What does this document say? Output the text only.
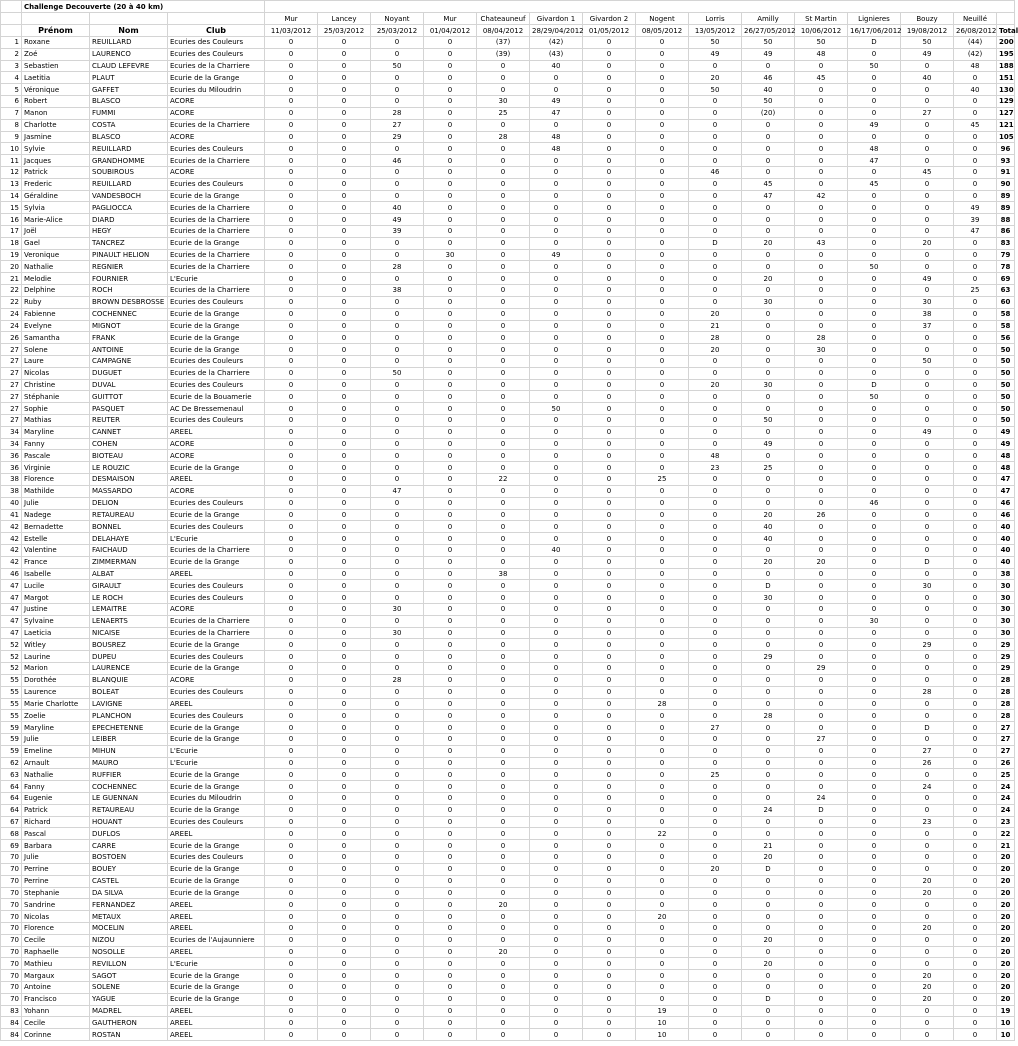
	Challenge Decouverte (20 à 40 km)																	
				Mur	Lancey	Noyant	Mur	Chateauneuf	Givardon 1	Givardon 2	Nogent	Lorris	Amilly	St Martin	Lignieres	Bouzy	Neuillé	
	Prénom	Nom	Club	11/03/2012	25/03/2012	25/03/2012	01/04/2012	08/04/2012	28/29/04/2012	01/05/2012	08/05/2012	13/05/2012	26/27/05/2012	10/06/2012	16/17/06/2012	19/08/2012	26/08/2012	Total
1	Roxane	REUILLARD	Ecuries des Couleurs	0	0	0	0	(37)	(42)	0	0	50	50	50	D	50	(44)	200
2	Zoé	LAURENCO	Ecuries des Couleurs	0	0	0	0	(39)	(43)	0	0	49	49	48	0	49	(42)	195
3	Sebastien	CLAUD LEFEVRE	Ecuries de la Charriere	0	0	50	0	0	40	0	0	0	0	0	50	0	48	188
4	Laetitia	PLAUT	Ecurie de la Grange	0	0	0	0	0	0	0	0	20	46	45	0	40	0	151
5	Véronique	GAFFET	Ecuries du Miloudrin	0	0	0	0	0	0	0	0	50	40	0	0	0	40	130
6	Robert	BLASCO	ACORE	0	0	0	0	30	49	0	0	0	50	0	0	0	0	129
7	Manon	FUMMI	ACORE	0	0	28	0	25	47	0	0	0	(20)	0	0	27	0	127
8	Charlotte	COSTA	Ecuries de la Charriere	0	0	27	0	0	0	0	0	0	0	0	49	0	45	121
9	Jasmine	BLASCO	ACORE	0	0	29	0	28	48	0	0	0	0	0	0	0	0	105
10	Sylvie	REUILLARD	Ecuries des Couleurs	0	0	0	0	0	48	0	0	0	0	0	48	0	0	96
11	Jacques	GRANDHOMME	Ecuries de la Charriere	0	0	46	0	0	0	0	0	0	0	0	47	0	0	93
12	Patrick	SOUBIROUS	ACORE	0	0	0	0	0	0	0	0	46	0	0	0	45	0	91
13	Frederic	REUILLARD	Ecuries des Couleurs	0	0	0	0	0	0	0	0	0	45	0	45	0	0	90
14	Géraldine	VANDESBOCH	Ecurie de la Grange	0	0	0	0	0	0	0	0	0	47	42	0	0	0	89
15	Sylvia	PAGLIOCCA	Ecuries de la Charriere	0	0	40	0	0	0	0	0	0	0	0	0	0	49	89
16	Marie-Alice	DIARD	Ecuries de la Charriere	0	0	49	0	0	0	0	0	0	0	0	0	0	39	88
17	Joël	HEGY	Ecuries de la Charriere	0	0	39	0	0	0	0	0	0	0	0	0	0	47	86
18	Gael	TANCREZ	Ecurie de la Grange	0	0	0	0	0	0	0	0	D	20	43	0	20	0	83
19	Veronique	PINAULT HELION	Ecuries de la Charriere	0	0	0	30	0	49	0	0	0	0	0	0	0	0	79
20	Nathalie	REGNIER	Ecuries de la Charriere	0	0	28	0	0	0	0	0	0	0	0	50	0	0	78
21	Melodie	FOURNIER	L'Ecurie	0	0	0	0	0	0	0	0	0	20	0	0	49	0	69
22	Delphine	ROCH	Ecuries de la Charriere	0	0	38	0	0	0	0	0	0	0	0	0	0	25	63
22	Ruby	BROWN DESBROSSE	Ecuries des Couleurs	0	0	0	0	0	0	0	0	0	30	0	0	30	0	60
24	Fabienne	COCHENNEC	Ecurie de la Grange	0	0	0	0	0	0	0	0	20	0	0	0	38	0	58
24	Evelyne	MIGNOT	Ecurie de la Grange	0	0	0	0	0	0	0	0	21	0	0	0	37	0	58
26	Samantha	FRANK	Ecurie de la Grange	0	0	0	0	0	0	0	0	28	0	28	0	0	0	56
27	Solene	ANTOINE	Ecurie de la Grange	0	0	0	0	0	0	0	0	20	0	30	0	0	0	50
27	Laure	CAMPAGNE	Ecuries des Couleurs	0	0	0	0	0	0	0	0	0	0	0	0	50	0	50
27	Nicolas	DUGUET	Ecuries de la Charriere	0	0	50	0	0	0	0	0	0	0	0	0	0	0	50
27	Christine	DUVAL	Ecuries des Couleurs	0	0	0	0	0	0	0	0	20	30	0	D	0	0	50
27	Stéphanie	GUITTOT	Ecurie de la Bouamerie	0	0	0	0	0	0	0	0	0	0	0	50	0	0	50
27	Sophie	PASQUET	AC De Bressemenaul	0	0	0	0	0	50	0	0	0	0	0	0	0	0	50
27	Mathias	REUTER	Ecuries des Couleurs	0	0	0	0	0	0	0	0	0	50	0	0	0	0	50
34	Maryline	CANNET	AREEL	0	0	0	0	0	0	0	0	0	0	0	0	49	0	49
34	Fanny	COHEN	ACORE	0	0	0	0	0	0	0	0	0	49	0	0	0	0	49
36	Pascale	BIOTEAU	ACORE	0	0	0	0	0	0	0	0	48	0	0	0	0	0	48
36	Virginie	LE ROUZIC	Ecurie de la Grange	0	0	0	0	0	0	0	0	23	25	0	0	0	0	48
38	Florence	DESMAISON	AREEL	0	0	0	0	22	0	0	25	0	0	0	0	0	0	47
38	Mathilde	MASSARDO	ACORE	0	0	47	0	0	0	0	0	0	0	0	0	0	0	47
40	Julie	DELION	Ecuries des Couleurs	0	0	0	0	0	0	0	0	0	0	0	46	0	0	46
41	Nadege	RETAUREAU	Ecurie de la Grange	0	0	0	0	0	0	0	0	0	20	26	0	0	0	46
42	Bernadette	BONNEL	Ecuries des Couleurs	0	0	0	0	0	0	0	0	0	40	0	0	0	0	40
42	Estelle	DELAHAYE	L'Ecurie	0	0	0	0	0	0	0	0	0	40	0	0	0	0	40
42	Valentine	FAICHAUD	Ecuries de la Charriere	0	0	0	0	0	40	0	0	0	0	0	0	0	0	40
42	France	ZIMMERMAN	Ecurie de la Grange	0	0	0	0	0	0	0	0	0	20	20	0	D	0	40
46	Isabelle	ALBAT	AREEL	0	0	0	0	38	0	0	0	0	0	0	0	0	0	38
47	Lucile	GIRAULT	Ecuries des Couleurs	0	0	0	0	0	0	0	0	0	D	0	0	30	0	30
47	Margot	LE ROCH	Ecuries des Couleurs	0	0	0	0	0	0	0	0	0	30	0	0	0	0	30
47	Justine	LEMAITRE	ACORE	0	0	30	0	0	0	0	0	0	0	0	0	0	0	30
47	Sylvaine	LENAERTS	Ecuries de la Charriere	0	0	0	0	0	0	0	0	0	0	0	30	0	0	30
47	Laeticia	NICAISE	Ecuries de la Charriere	0	0	30	0	0	0	0	0	0	0	0	0	0	0	30
52	Witley	BOUSREZ	Ecurie de la Grange	0	0	0	0	0	0	0	0	0	0	0	0	29	0	29
52	Laurine	DUPEU	Ecuries des Couleurs	0	0	0	0	0	0	0	0	0	29	0	0	0	0	29
52	Marion	LAURENCE	Ecurie de la Grange	0	0	0	0	0	0	0	0	0	0	29	0	0	0	29
55	Dorothée	BLANQUIE	ACORE	0	0	28	0	0	0	0	0	0	0	0	0	0	0	28
55	Laurence	BOLEAT	Ecuries des Couleurs	0	0	0	0	0	0	0	0	0	0	0	0	28	0	28
55	Marie Charlotte	LAVIGNE	AREEL	0	0	0	0	0	0	0	28	0	0	0	0	0	0	28
55	Zoelie	PLANCHON	Ecuries des Couleurs	0	0	0	0	0	0	0	0	0	28	0	0	0	0	28
59	Maryline	EPECHETENNE	Ecurie de la Grange	0	0	0	0	0	0	0	0	27	0	0	0	D	0	27
59	Julie	LEIBER	Ecurie de la Grange	0	0	0	0	0	0	0	0	0	0	27	0	0	0	27
59	Emeline	MIHUN	L'Ecurie	0	0	0	0	0	0	0	0	0	0	0	0	27	0	27
62	Arnault	MAURO	L'Ecurie	0	0	0	0	0	0	0	0	0	0	0	0	26	0	26
63	Nathalie	RUFFIER	Ecurie de la Grange	0	0	0	0	0	0	0	0	25	0	0	0	0	0	25
64	Fanny	COCHENNEC	Ecurie de la Grange	0	0	0	0	0	0	0	0	0	0	0	0	24	0	24
64	Eugenie	LE GUENNAN	Ecuries du Miloudrin	0	0	0	0	0	0	0	0	0	0	24	0	0	0	24
64	Patrick	RETAUREAU	Ecurie de la Grange	0	0	0	0	0	0	0	0	0	24	D	0	0	0	24
67	Richard	HOUANT	Ecuries des Couleurs	0	0	0	0	0	0	0	0	0	0	0	0	23	0	23
68	Pascal	DUFLOS	AREEL	0	0	0	0	0	0	0	22	0	0	0	0	0	0	22
69	Barbara	CARRE	Ecurie de la Grange	0	0	0	0	0	0	0	0	0	21	0	0	0	0	21
70	Julie	BOSTOEN	Ecuries des Couleurs	0	0	0	0	0	0	0	0	0	20	0	0	0	0	20
70	Perrine	BOUEY	Ecurie de la Grange	0	0	0	0	0	0	0	0	20	D	0	0	0	0	20
70	Perrine	CASTEL	Ecurie de la Grange	0	0	0	0	0	0	0	0	0	0	0	0	20	0	20
70	Stephanie	DA SILVA	Ecurie de la Grange	0	0	0	0	0	0	0	0	0	0	0	0	20	0	20
70	Sandrine	FERNANDEZ	AREEL	0	0	0	0	20	0	0	0	0	0	0	0	0	0	20
70	Nicolas	METAUX	AREEL	0	0	0	0	0	0	0	20	0	0	0	0	0	0	20
70	Florence	MOCELIN	AREEL	0	0	0	0	0	0	0	0	0	0	0	0	20	0	20
70	Cecile	NIZOU	Ecuries de l'Aujaunniere	0	0	0	0	0	0	0	0	0	20	0	0	0	0	20
70	Raphaelle	NOSOLLE	AREEL	0	0	0	0	20	0	0	0	0	0	0	0	0	0	20
70	Mathieu	REVILLON	L'Ecurie	0	0	0	0	0	0	0	0	0	20	0	0	0	0	20
70	Margaux	SAGOT	Ecurie de la Grange	0	0	0	0	0	0	0	0	0	0	0	0	20	0	20
70	Antoine	SOLENE	Ecurie de la Grange	0	0	0	0	0	0	0	0	0	0	0	0	20	0	20
70	Francisco	YAGUE	Ecurie de la Grange	0	0	0	0	0	0	0	0	0	D	0	0	20	0	20
83	Yohann	MADREL	AREEL	0	0	0	0	0	0	0	19	0	0	0	0	0	0	19
84	Cecile	GAUTHERON	AREEL	0	0	0	0	0	0	0	10	0	0	0	0	0	0	10
84	Corinne	ROSTAN	AREEL	0	0	0	0	0	0	0	10	0	0	0	0	0	0	10
